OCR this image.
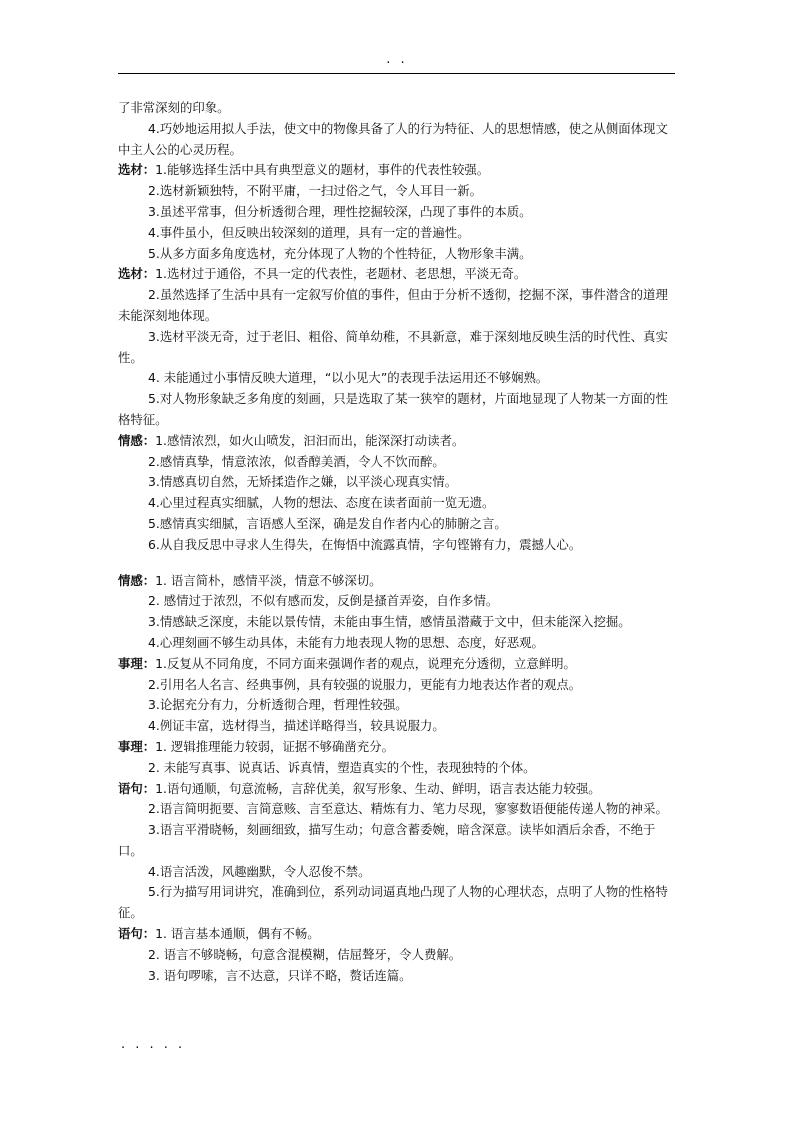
. .

了非常深刻的印象。

4.巧妙地运用拟人手法，使文中的物像具备了人的行为特征、人的思想情感，使之从侧面体现文中主人公的心灵历程。

选材：1.能够选择生活中具有典型意义的题材，事件的代表性较强。

2.选材新颖独特，不附平庸，一扫过俗之气，令人耳目一新。

3.虽述平常事，但分析透彻合理，理性挖掘较深，凸现了事件的本质。

4.事件虽小，但反映出较深刻的道理，具有一定的普遍性。

5.从多方面多角度选材，充分体现了人物的个性特征，人物形象丰满。

选材：1.选材过于通俗，不具一定的代表性，老题材、老思想，平淡无奇。

2.虽然选择了生活中具有一定叙写价值的事件，但由于分析不透彻，挖掘不深，事件潜含的道理未能深刻地体现。

3.选材平淡无奇，过于老旧、粗俗、简单幼稚，不具新意，难于深刻地反映生活的时代性、真实性。

4. 未能通过小事情反映大道理，“以小见大”的表现手法运用还不够娴熟。

5.对人物形象缺乏多角度的刻画，只是选取了某一狭窄的题材，片面地显现了人物某一方面的性格特征。

情感：1.感情浓烈，如火山喷发，汩汩而出，能深深打动读者。

2.感情真挚，情意浓浓，似香醇美酒，令人不饮而醉。

3.情感真切自然，无矫揉造作之嫌，以平淡心现真实情。

4.心里过程真实细腻，人物的想法、态度在读者面前一览无遗。

5.感情真实细腻，言语感人至深，确是发自作者内心的肺腑之言。

6.从自我反思中寻求人生得失，在悔悟中流露真情，字句铿锵有力，震撼人心。

情感：1. 语言简朴，感情平淡，情意不够深切。

2. 感情过于浓烈，不似有感而发，反倒是搔首弄姿，自作多情。

3.情感缺乏深度，未能以景传情，未能由事生情，感情虽潜藏于文中，但未能深入挖掘。

4.心理刻画不够生动具体，未能有力地表现人物的思想、态度，好恶观。

事理：1.反复从不同角度，不同方面来强调作者的观点，说理充分透彻，立意鲜明。

2.引用名人名言、经典事例，具有较强的说服力，更能有力地表达作者的观点。

3.论据充分有力，分析透彻合理，哲理性较强。

4.例证丰富，选材得当，描述详略得当，较具说服力。

事理：1. 逻辑推理能力较弱，证据不够确凿充分。

2. 未能写真事、说真话、诉真情，塑造真实的个性，表现独特的个体。

语句：1.语句通顺，句意流畅，言辞优美，叙写形象、生动、鲜明，语言表达能力较强。

2.语言简明扼要、言简意赅、言至意达、精炼有力、笔力尽现，寥寥数语便能传递人物的神采。

3.语言平滑晓畅，刻画细致，描写生动；句意含蓄委婉，暗含深意。读毕如酒后余香，不绝于口。

4.语言活泼，风趣幽默，令人忍俊不禁。

5.行为描写用词讲究，准确到位，系列动词逼真地凸现了人物的心理状态，点明了人物的性格特征。

语句：1. 语言基本通顺，偶有不畅。

2. 语言不够晓畅，句意含混模糊，佶屈聱牙，令人费解。

3. 语句啰嗦，言不达意，只详不略，赘话连篇。

. . . . .
